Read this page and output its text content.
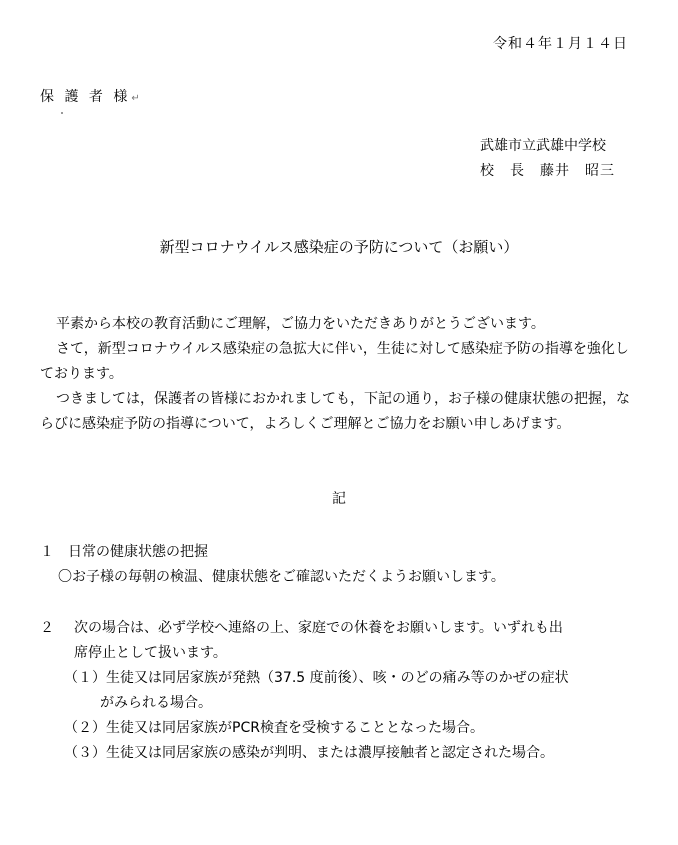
令和４年１月１４日
保 護 者 様↵
武雄市立武雄中学校
校　長　藤井　昭三
新型コロナウイルス感染症の予防について（お願い）
平素から本校の教育活動にご理解，ご協力をいただきありがとうございます。
さて，新型コロナウイルス感染症の急拡大に伴い，生徒に対して感染症予防の指導を強化しております。
つきましては，保護者の皆様におかれましても，下記の通り，お子様の健康状態の把握，ならびに感染症予防の指導について，よろしくご理解とご協力をお願い申しあげます。
記
１　日常の健康状態の把握
〇お子様の毎朝の検温、健康状態をご確認いただくようお願いします。
２ 次の場合は、必ず学校へ連絡の上、家庭での休養をお願いします。いずれも出
席停止として扱います。
（１）生徒又は同居家族が発熱（37.5 度前後）、咳・のどの痛み等のかぜの症状
がみられる場合。
（２）生徒又は同居家族がPCR検査を受検することとなった場合。
（３）生徒又は同居家族の感染が判明、または濃厚接触者と認定された場合。
